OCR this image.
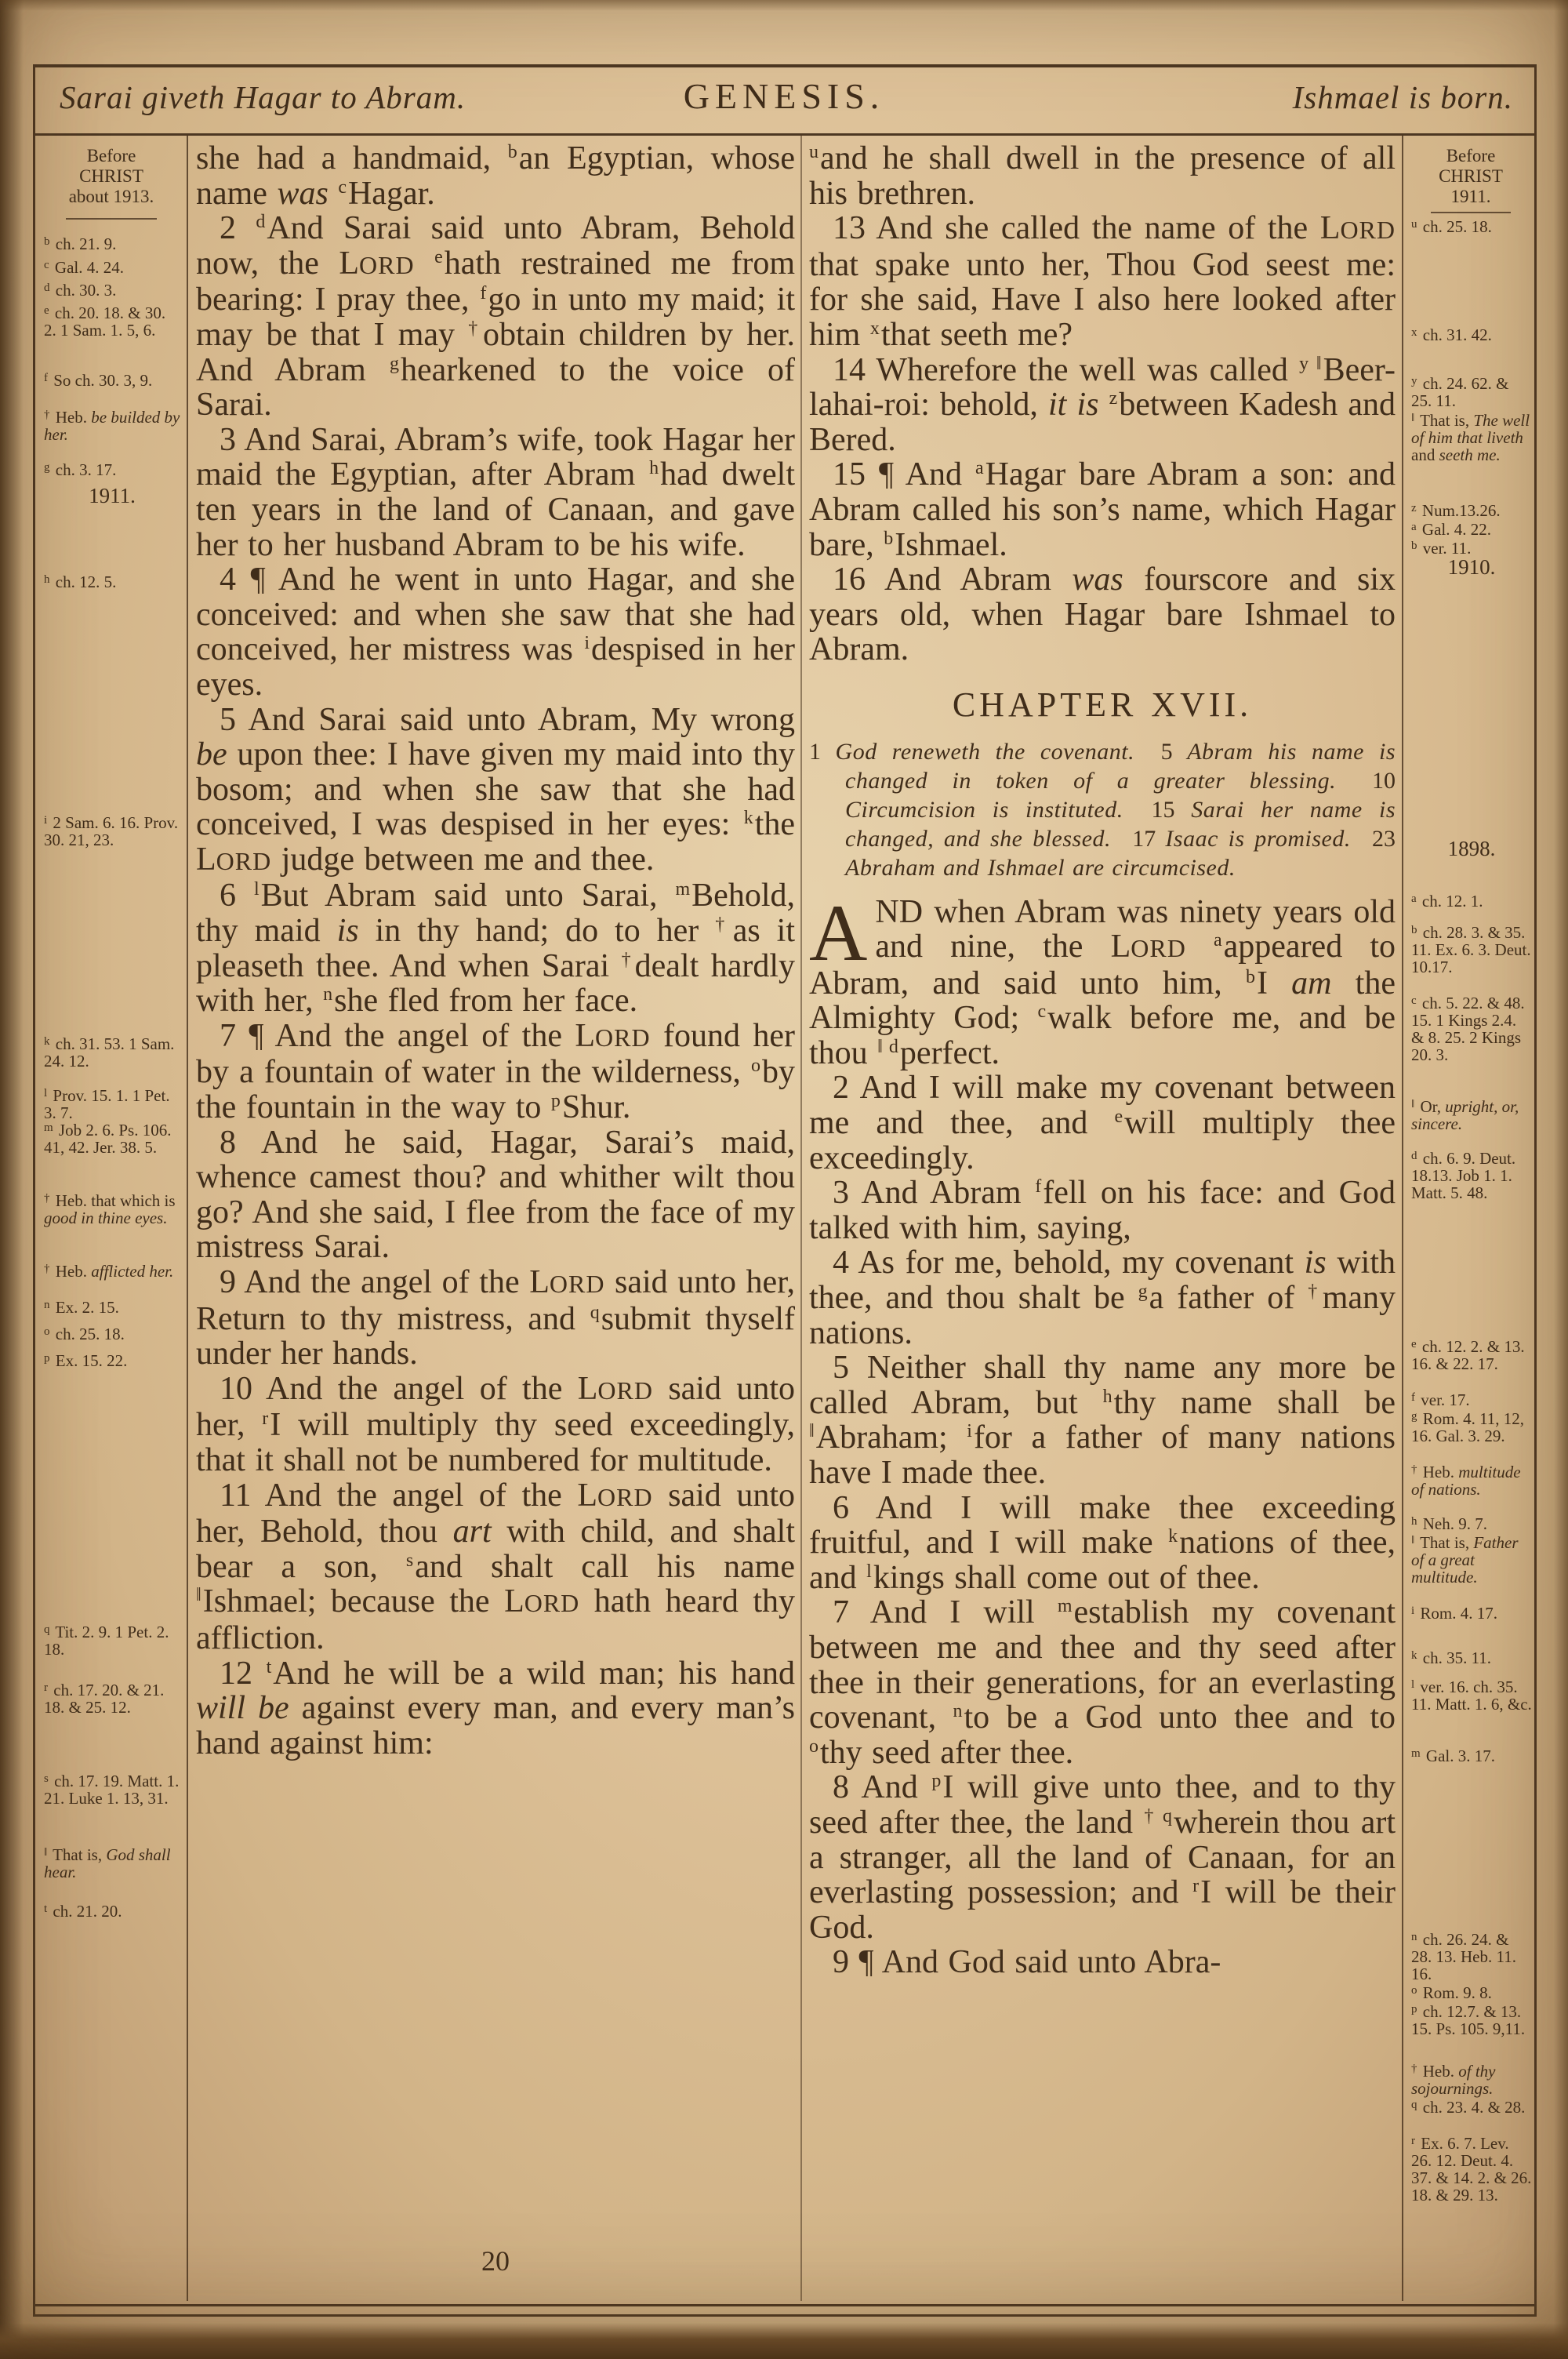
Sarai giveth Hagar to Abram.	GENESIS.	Ishmael is born.
Before
CHRIST
about 1913.
$^b$ ch. 21. 9.
$^c$ Gal. 4. 24.
$^d$ ch. 30. 3.
$^e$ ch. 20. 18. & 30. 2. 1 Sam. 1. 5, 6.
$^f$ So ch. 30. 3, 9.
† Heb. be builded by her.
$^g$ ch. 3. 17.
1911.
$^h$ ch. 12. 5.
$^i$ 2 Sam. 6. 16. Prov. 30. 21, 23.
$^k$ ch. 31. 53. 1 Sam. 24. 12.
$^l$ Prov. 15. 1. 1 Pet. 3. 7.
$^m$ Job 2. 6. Ps. 106. 41, 42. Jer. 38. 5.
† Heb. that which is good in thine eyes.
† Heb. afflicted her.
$^n$ Ex. 2. 15.
$^o$ ch. 25. 18.
$^p$ Ex. 15. 22.
$^q$ Tit. 2. 9. 1 Pet. 2. 18.
$^r$ ch. 17. 20. & 21. 18. & 25. 12.
$^s$ ch. 17. 19. Matt. 1. 21. Luke 1. 13, 31.
‖ That is, God shall hear.
$^t$ ch. 21. 20.
Before
CHRIST
1911.
$^u$ ch. 25. 18.
$^x$ ch. 31. 42.
$^y$ ch. 24. 62. & 25. 11.
‖ That is, The well of him that liveth and seeth me.
$^z$ Num.13.26.
$^a$ Gal. 4. 22.
$^b$ ver. 11.
1910.
1898.
$^a$ ch. 12. 1.
$^b$ ch. 28. 3. & 35. 11. Ex. 6. 3. Deut. 10.17.
$^c$ ch. 5. 22. & 48. 15. 1 Kings 2.4. & 8. 25. 2 Kings 20. 3.
‖ Or, upright, or, sincere.
$^d$ ch. 6. 9. Deut. 18.13. Job 1. 1. Matt. 5. 48.
$^e$ ch. 12. 2. & 13. 16. & 22. 17.
$^f$ ver. 17.
$^g$ Rom. 4. 11, 12, 16. Gal. 3. 29.
† Heb. multitude of nations.
$^h$ Neh. 9. 7.
‖ That is, Father of a great multitude.
$^i$ Rom. 4. 17.
$^k$ ch. 35. 11.
$^l$ ver. 16. ch. 35. 11. Matt. 1. 6, &c.
$^m$ Gal. 3. 17.
$^n$ ch. 26. 24. & 28. 13. Heb. 11. 16.
$^o$ Rom. 9. 8.
$^p$ ch. 12.7. & 13. 15. Ps. 105. 9,11.
† Heb. of thy sojournings.
$^q$ ch. 23. 4. & 28.
$^r$ Ex. 6. 7. Lev. 26. 12. Deut. 4. 37. & 14. 2. & 26. 18. & 29. 13.

she had a handmaid, $^b$an Egyptian, whose name was $^c$Hagar.

2 $^d$And Sarai said unto Abram, Behold now, the LORD $^e$hath restrained me from bearing: I pray thee, $^f$go in unto my maid; it may be that I may †obtain children by her. And Abram $^g$hearkened to the voice of Sarai.

3 And Sarai, Abram’s wife, took Hagar her maid the Egyptian, after Abram $^h$had dwelt ten years in the land of Canaan, and gave her to her husband Abram to be his wife.

4 ¶ And he went in unto Hagar, and she conceived: and when she saw that she had conceived, her mistress was $^i$despised in her eyes.

5 And Sarai said unto Abram, My wrong be upon thee: I have given my maid into thy bosom; and when she saw that she had conceived, I was despised in her eyes: $^k$the LORD judge between me and thee.

6 $^l$But Abram said unto Sarai, $^m$Behold, thy maid is in thy hand; do to her †as it pleaseth thee. And when Sarai †dealt hardly with her, $^n$she fled from her face.

7 ¶ And the angel of the LORD found her by a fountain of water in the wilderness, $^o$by the fountain in the way to $^p$Shur.

8 And he said, Hagar, Sarai’s maid, whence camest thou? and whither wilt thou go? And she said, I flee from the face of my mistress Sarai.

9 And the angel of the LORD said unto her, Return to thy mistress, and $^q$submit thyself under her hands.

10 And the angel of the LORD said unto her, $^r$I will multiply thy seed exceedingly, that it shall not be numbered for multitude.

11 And the angel of the LORD said unto her, Behold, thou art with child, and shalt bear a son, $^s$and shalt call his name ‖Ishmael; because the LORD hath heard thy affliction.

12 $^t$And he will be a wild man; his hand will be against every man, and every man’s hand against him:

$^u$and he shall dwell in the presence of all his brethren.

13 And she called the name of the LORD that spake unto her, Thou God seest me: for she said, Have I also here looked after him $^x$that seeth me?

14 Wherefore the well was called $^{y ‖}$Beer-lahai-roi: behold, it is $^z$between Kadesh and Bered.

15 ¶ And $^a$Hagar bare Abram a son: and Abram called his son’s name, which Hagar bare, $^b$Ishmael.

16 And Abram was fourscore and six years old, when Hagar bare Ishmael to Abram.

CHAPTER XVII.

1 God reneweth the covenant.  5 Abram his name is changed in token of a greater blessing.  10 Circumcision is instituted.  15 Sarai her name is changed, and she blessed.  17 Isaac is promised.  23 Abraham and Ishmael are circumcised.

AND when Abram was ninety years old and nine, the LORD $^a$appeared to Abram, and said unto him, $^b$I am the Almighty God; $^c$walk before me, and be thou $^{‖ d}$perfect.

2 And I will make my covenant between me and thee, and $^e$will multiply thee exceedingly.

3 And Abram $^f$fell on his face: and God talked with him, saying,

4 As for me, behold, my covenant is with thee, and thou shalt be $^g$a father of †many nations.

5 Neither shall thy name any more be called Abram, but $^h$thy name shall be ‖Abraham; $^i$for a father of many nations have I made thee.

6 And I will make thee exceeding fruitful, and I will make $^k$nations of thee, and $^l$kings shall come out of thee.

7 And I will $^m$establish my covenant between me and thee and thy seed after thee in their generations, for an everlasting covenant, $^n$to be a God unto thee and to $^o$thy seed after thee.

8 And $^p$I will give unto thee, and to thy seed after thee, the land $^{\dagger q}$wherein thou art a stranger, all the land of Canaan, for an everlasting possession; and $^r$I will be their God.

9 ¶ And God said unto Abra-

20
